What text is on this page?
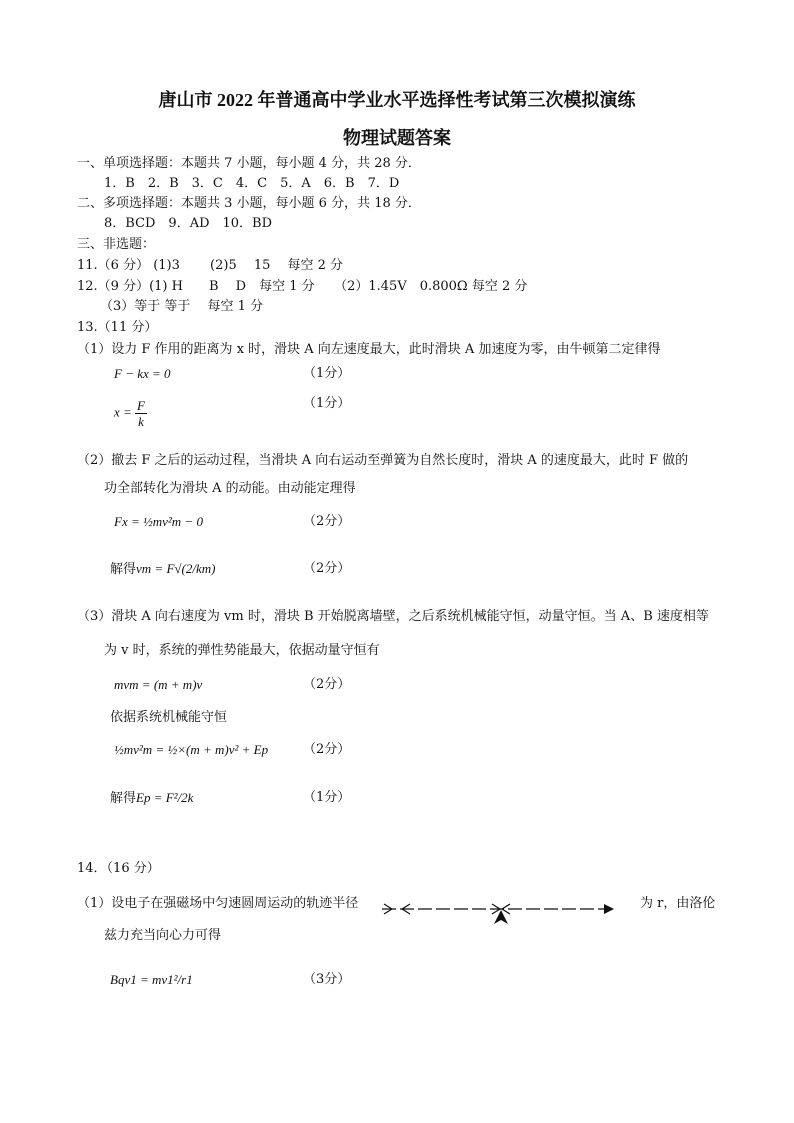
唐山市 2022 年普通高中学业水平选择性考试第三次模拟演练
物理试题答案
一、单项选择题：本题共 7 小题，每小题 4 分，共 28 分．
1．B　2．B　3．C　4．C　5．A　6．B　7．D
二、多项选择题：本题共 3 小题，每小题 6 分，共 18 分．
8．BCD　9．AD　10．BD
三、非选题：
11.（6 分） (1)3　　 (2)5　 15　 每空 2 分
12.（9 分）(1) H　　B　 D　每空 1 分　　（2）1.45V　0.800Ω 每空 2 分
（3）等于 等于　 每空 1 分
13.（11 分）
（1）设力 F 作用的距离为 x 时，滑块 A 向左速度最大，此时滑块 A 加速度为零，由牛顿第二定律得
F − kx = 0	（1分）
$x = \frac{F}{k}$	（1分）
（2）撤去 F 之后的运动过程，当滑块 A 向右运动至弹簧为自然长度时，滑块 A 的速度最大，此时 F 做的
功全部转化为滑块 A 的动能。由动能定理得
Fx = ½mv²m − 0	（2分）
解得vm = F√(2/km)	（2分）
（3）滑块 A 向右速度为 vm 时，滑块 B 开始脱离墙壁，之后系统机械能守恒，动量守恒。当 A、B 速度相等
为 v 时，系统的弹性势能最大，依据动量守恒有
mvm = (m + m)v	（2分）
依据系统机械能守恒
½mv²m = ½×(m + m)v² + Ep	（2分）
解得Ep = F²/2k	（1分）
14．（16 分）
（1）设电子在强磁场中匀速圆周运动的轨迹半径	为 r，由洛伦
兹力充当向心力可得
Bqv1 = mv1²/r1	（3分）
